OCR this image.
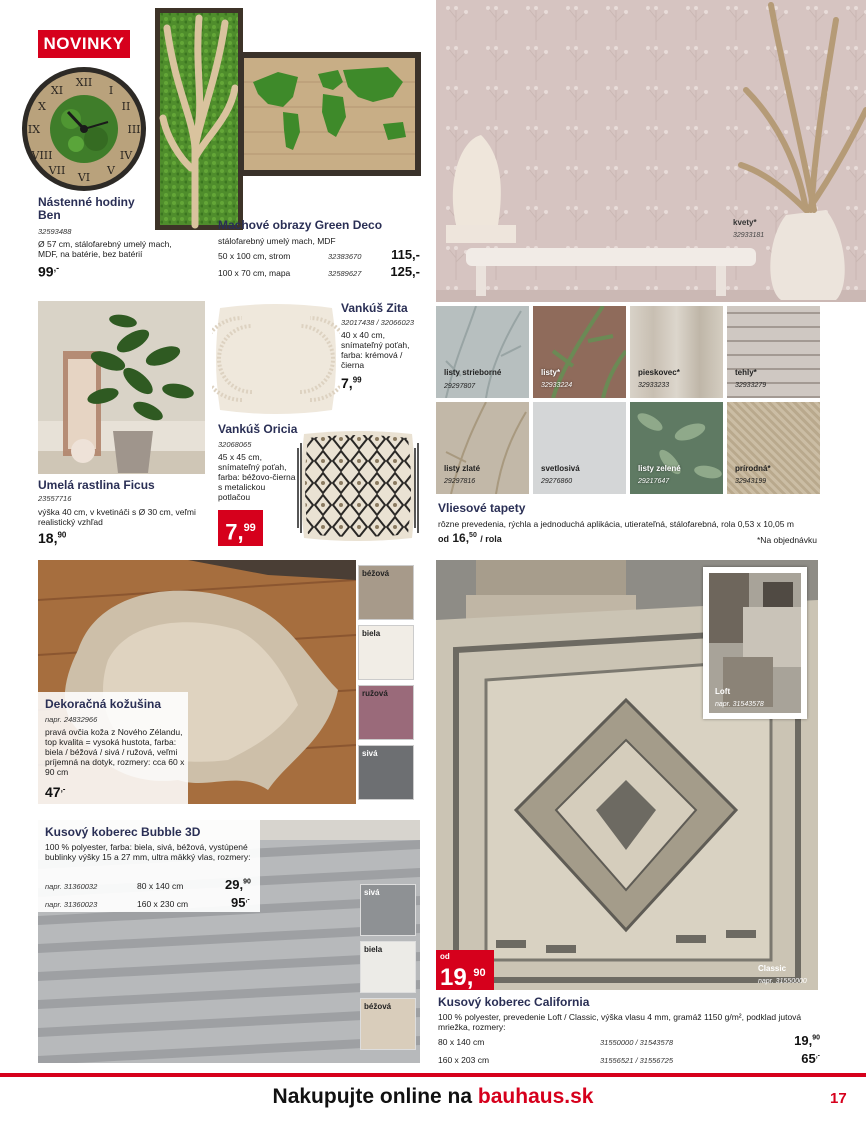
NOVINKY
XII
VI
III
IX
I
II
IV
V
VII
VIII
X
XI
Nástenné hodiny Ben
32593488
Ø 57 cm, stálofarebný umelý mach, MDF, na batérie, bez batérií
99,-
Machové obrazy Green Deco
stálofarebný umelý mach, MDF
50 x 100 cm, strom	32383670 115,-
100 x 70 cm, mapa	32589627 125,-
kvety*
32933181
listy strieborné
29297807
listy*
32933224
pieskovec*
32933233
tehly*
32933279
listy zlaté
29297816
svetlosivá
29276860
listy zelené
29217647
prírodná*
32943199
Vliesové tapety
rôzne prevedenia, rýchla a jednoduchá aplikácia, utierateľná, stálofarebná, rola 0,53 x 10,05 m
od 16,50 / rola	*Na objednávku
Umelá rastlina Ficus
23557716
výška 40 cm, v kvetináči s Ø 30 cm, veľmi realistický vzhľad
18,90
Vankúš Zita
32017438 / 32066023
40 x 40 cm, snímateľný poťah, farba: krémová / čierna
7,99
Vankúš Oricia
32068065
45 x 45 cm, snímateľný poťah, farba: béžovo-čierna s metalickou potlačou
7,99
Dekoračná kožušina
napr. 24832966
pravá ovčia koža z Nového Zélandu, top kvalita = vysoká hustota, farba: biela / béžová / sivá / ružová, veľmi príjemná na dotyk, rozmery: cca 60 x 90 cm
47,-
béžová
biela
ružová
sivá
Kusový koberec Bubble 3D
100 % polyester, farba: biela, sivá, béžová, vystúpené bublinky výšky 15 a 27 mm, ultra mäkký vlas, rozmery:
napr. 31360032	80 x 140 cm	29,90
napr. 31360023	160 x 230 cm	95,-
sivá
biela
béžová
Loft
napr. 31543578
Classic
napr. 31550000
od
19,90
Kusový koberec California
100 % polyester, prevedenie Loft / Classic, výška vlasu 4 mm, gramáž 1150 g/m², podklad jutová mriežka, rozmery:
80 x 140 cm	31550000 / 31543578	19,90
160 x 203 cm	31556521 / 31556725	65,-
Nakupujte online na bauhaus.sk	17
